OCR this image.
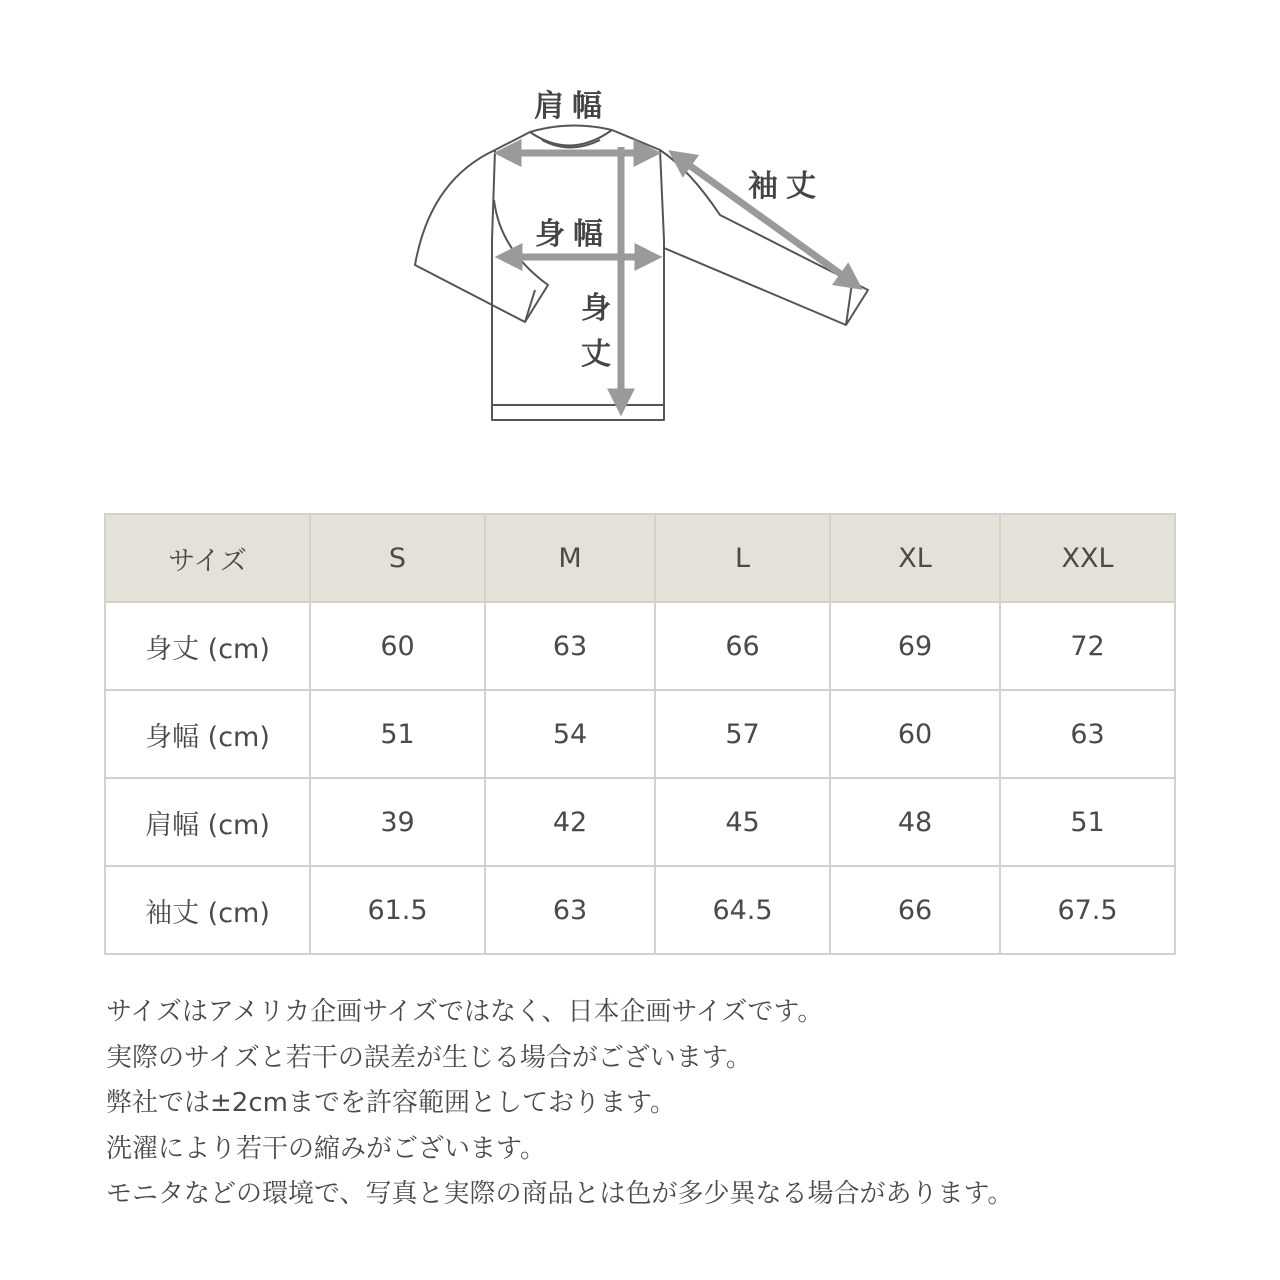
肩幅
袖丈
身幅
身
丈
サイズ	S	M	L	XL	XXL
身丈 (cm)	60	63	66	69	72
身幅 (cm)	51	54	57	60	63
肩幅 (cm)	39	42	45	48	51
袖丈 (cm)	61.5	63	64.5	66	67.5
サイズはアメリカ企画サイズではなく、日本企画サイズです。
実際のサイズと若干の誤差が生じる場合がございます。
弊社では±2cmまでを許容範囲としております。
洗濯により若干の縮みがございます。
モニタなどの環境で、写真と実際の商品とは色が多少異なる場合があります。
